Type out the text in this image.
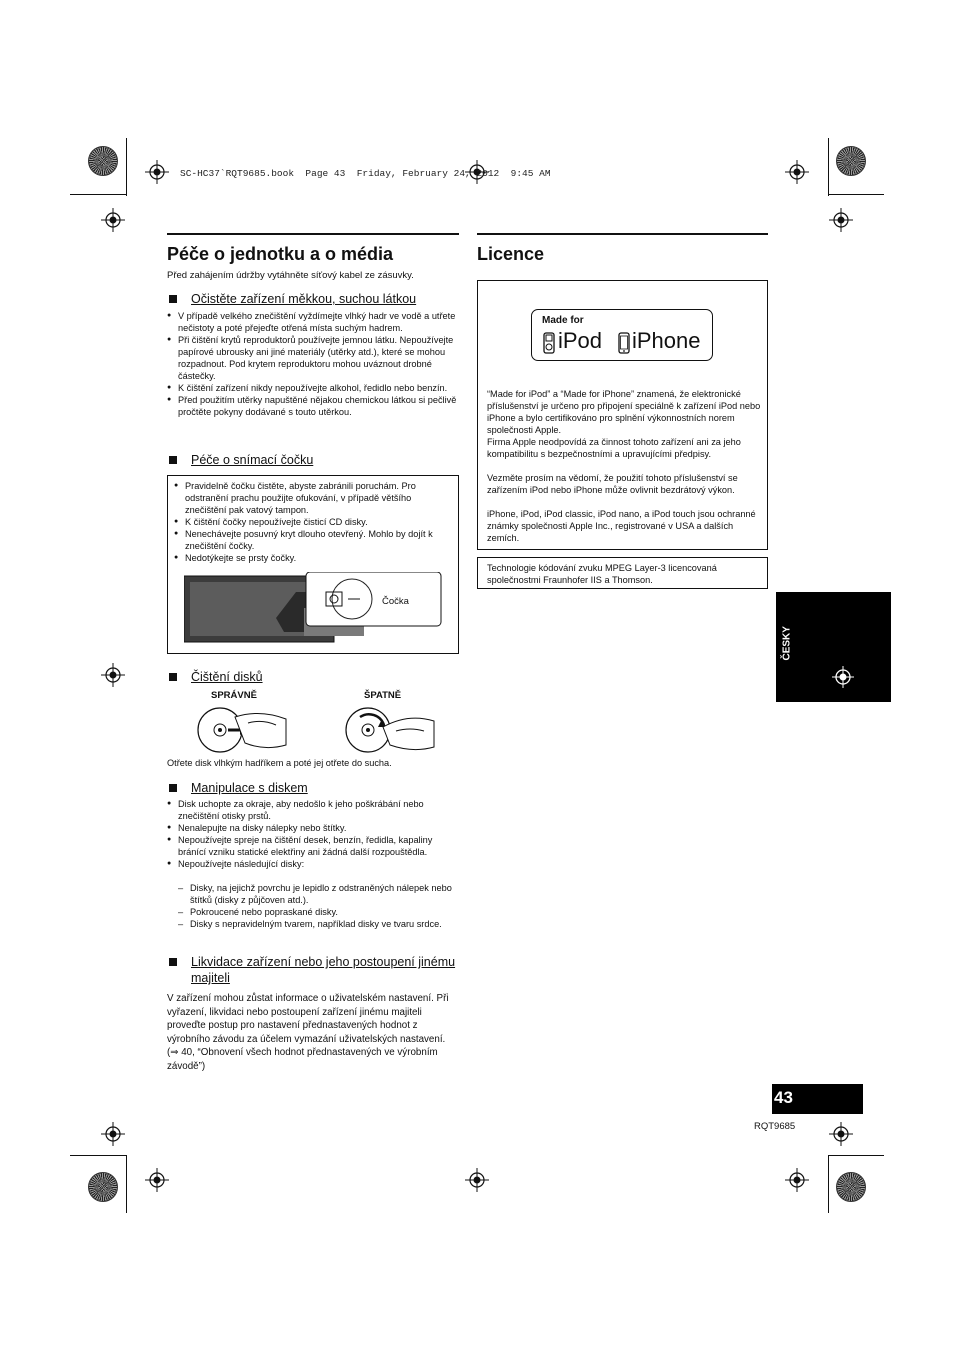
SC-HC37`RQT9685.book  Page 43  Friday, February 24, 2012  9:45 AM
Péče o jednotku a o média
Před zahájením údržby vytáhněte síťový kabel ze zásuvky.
Očistěte zařízení měkkou, suchou látkou
● V případě velkého znečištění vyždímejte vlhký hadr ve vodě a utřete nečistoty a poté přejeďte otřená místa suchým hadrem.
● Při čištění krytů reproduktorů používejte jemnou látku. Nepoužívejte papírové ubrousky ani jiné materiály (utěrky atd.), které se mohou rozpadnout. Pod krytem reproduktoru mohou uváznout drobné částečky.
● K čištění zařízení nikdy nepoužívejte alkohol, ředidlo nebo benzín.
● Před použitím utěrky napuštěné nějakou chemickou látkou si pečlivě pročtěte pokyny dodávané s touto utěrkou.
Péče o snímací čočku
● Pravidelně čočku čistěte, abyste zabránili poruchám. Pro odstranění prachu použijte ofukování, v případě většího znečištění pak vatový tampon.
● K čištění čočky nepoužívejte čisticí CD disky.
● Nenechávejte posuvný kryt dlouho otevřený. Mohlo by dojít k znečištění čočky.
● Nedotýkejte se prsty čočky.
Čočka
Čištění disků
SPRÁVNĚ	ŠPATNĚ
Otřete disk vlhkým hadříkem a poté jej otřete do sucha.
Manipulace s diskem
● Disk uchopte za okraje, aby nedošlo k jeho poškrábání nebo znečištění otisky prstů.
● Nenalepujte na disky nálepky nebo štítky.
● Nepoužívejte spreje na čištění desek, benzín, ředidla, kapaliny bránící vzniku statické elektřiny ani žádná další rozpouštědla.
● Nepoužívejte následující disky:
– Disky, na jejichž povrchu je lepidlo z odstraněných nálepek nebo štítků (disky z půjčoven atd.).
– Pokroucené nebo popraskané disky.
– Disky s nepravidelným tvarem, například disky ve tvaru srdce.
Likvidace zařízení nebo jeho postoupení jinému majiteli
V zařízení mohou zůstat informace o uživatelském nastavení. Při vyřazení, likvidaci nebo postoupení zařízení jinému majiteli proveďte postup pro nastavení přednastavených hodnot z výrobního závodu za účelem vymazání uživatelských nastavení. (⇒ 40, “Obnovení všech hodnot přednastavených ve výrobním závodě”)
Licence
Made for
iPod iPhone
“Made for iPod” a “Made for iPhone” znamená, že elektronické příslušenství je určeno pro připojení speciálně k zařízení iPod nebo iPhone a bylo certifikováno pro splnění výkonnostních norem společnosti Apple.
Firma Apple neodpovídá za činnost tohoto zařízení ani za jeho kompatibilitu s bezpečnostními a upravujícími předpisy.
Vezměte prosím na vědomí, že použití tohoto příslušenství se zařízením iPod nebo iPhone může ovlivnit bezdrátový výkon.
iPhone, iPod, iPod classic, iPod nano, a iPod touch jsou ochranné známky společnosti Apple Inc., registrované v USA a dalších zemích.
Technologie kódování zvuku MPEG Layer-3 licencovaná společnostmi Fraunhofer IIS a Thomson.
ČESKY
43
RQT9685
